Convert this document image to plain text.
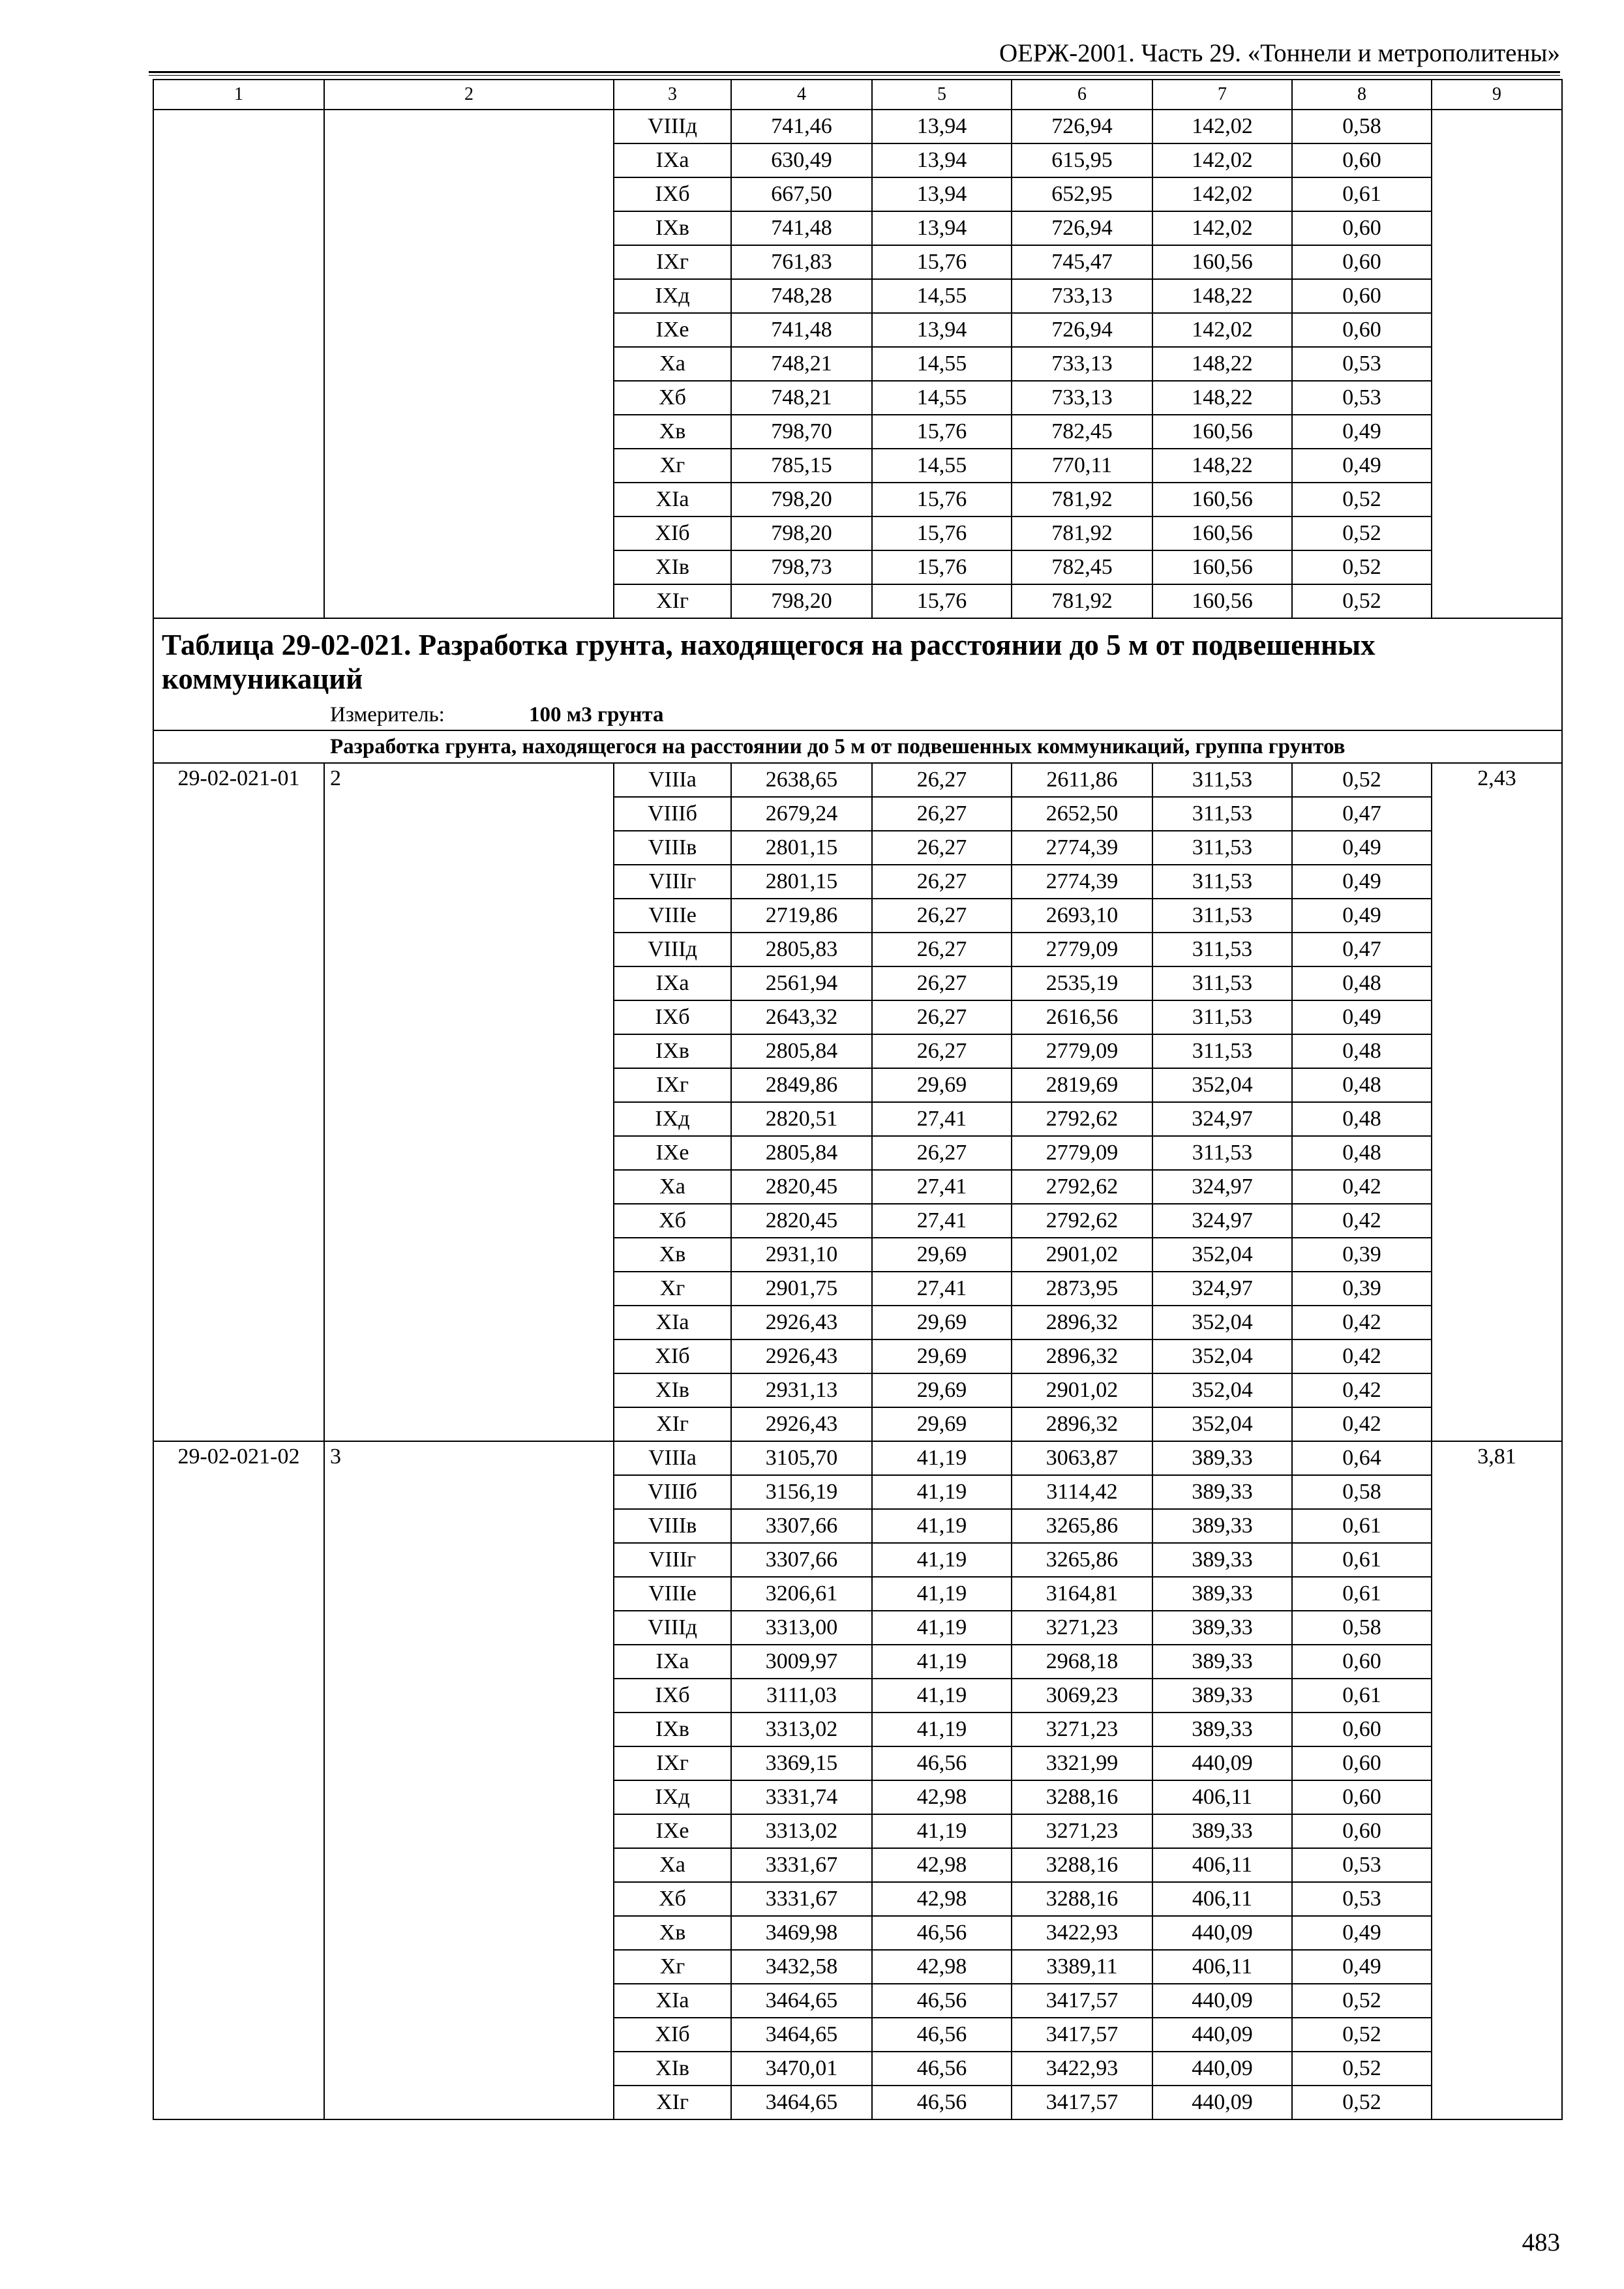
ОЕРЖ-2001. Часть 29. «Тоннели и метрополитены»
1	2	3	4	5	6	7	8	9
		VIIIд	741,46	13,94	726,94	142,02	0,58	
		IXа	630,49	13,94	615,95	142,02	0,60	
		IXб	667,50	13,94	652,95	142,02	0,61	
		IXв	741,48	13,94	726,94	142,02	0,60	
		IXг	761,83	15,76	745,47	160,56	0,60	
		IXд	748,28	14,55	733,13	148,22	0,60	
		IXе	741,48	13,94	726,94	142,02	0,60	
		Xа	748,21	14,55	733,13	148,22	0,53	
		Xб	748,21	14,55	733,13	148,22	0,53	
		Xв	798,70	15,76	782,45	160,56	0,49	
		Xг	785,15	14,55	770,11	148,22	0,49	
		XIа	798,20	15,76	781,92	160,56	0,52	
		XIб	798,20	15,76	781,92	160,56	0,52	
		XIв	798,73	15,76	782,45	160,56	0,52	
		XIг	798,20	15,76	781,92	160,56	0,52	
Таблица 29-02-021. Разработка грунта, находящегося на расстоянии до 5 м от подвешенных коммуникаций								
Измеритель: 100 м3 грунта								
Разработка грунта, находящегося на расстоянии до 5 м от подвешенных коммуникаций, группа грунтов								
29-02-021-01	2	VIIIа	2638,65	26,27	2611,86	311,53	0,52	2,43
		VIIIб	2679,24	26,27	2652,50	311,53	0,47	
		VIIIв	2801,15	26,27	2774,39	311,53	0,49	
		VIIIг	2801,15	26,27	2774,39	311,53	0,49	
		VIIIе	2719,86	26,27	2693,10	311,53	0,49	
		VIIIд	2805,83	26,27	2779,09	311,53	0,47	
		IXа	2561,94	26,27	2535,19	311,53	0,48	
		IXб	2643,32	26,27	2616,56	311,53	0,49	
		IXв	2805,84	26,27	2779,09	311,53	0,48	
		IXг	2849,86	29,69	2819,69	352,04	0,48	
		IXд	2820,51	27,41	2792,62	324,97	0,48	
		IXе	2805,84	26,27	2779,09	311,53	0,48	
		Xа	2820,45	27,41	2792,62	324,97	0,42	
		Xб	2820,45	27,41	2792,62	324,97	0,42	
		Xв	2931,10	29,69	2901,02	352,04	0,39	
		Xг	2901,75	27,41	2873,95	324,97	0,39	
		XIа	2926,43	29,69	2896,32	352,04	0,42	
		XIб	2926,43	29,69	2896,32	352,04	0,42	
		XIв	2931,13	29,69	2901,02	352,04	0,42	
		XIг	2926,43	29,69	2896,32	352,04	0,42	
29-02-021-02	3	VIIIа	3105,70	41,19	3063,87	389,33	0,64	3,81
		VIIIб	3156,19	41,19	3114,42	389,33	0,58	
		VIIIв	3307,66	41,19	3265,86	389,33	0,61	
		VIIIг	3307,66	41,19	3265,86	389,33	0,61	
		VIIIе	3206,61	41,19	3164,81	389,33	0,61	
		VIIIд	3313,00	41,19	3271,23	389,33	0,58	
		IXа	3009,97	41,19	2968,18	389,33	0,60	
		IXб	3111,03	41,19	3069,23	389,33	0,61	
		IXв	3313,02	41,19	3271,23	389,33	0,60	
		IXг	3369,15	46,56	3321,99	440,09	0,60	
		IXд	3331,74	42,98	3288,16	406,11	0,60	
		IXе	3313,02	41,19	3271,23	389,33	0,60	
		Xа	3331,67	42,98	3288,16	406,11	0,53	
		Xб	3331,67	42,98	3288,16	406,11	0,53	
		Xв	3469,98	46,56	3422,93	440,09	0,49	
		Xг	3432,58	42,98	3389,11	406,11	0,49	
		XIа	3464,65	46,56	3417,57	440,09	0,52	
		XIб	3464,65	46,56	3417,57	440,09	0,52	
		XIв	3470,01	46,56	3422,93	440,09	0,52	
		XIг	3464,65	46,56	3417,57	440,09	0,52	
483
